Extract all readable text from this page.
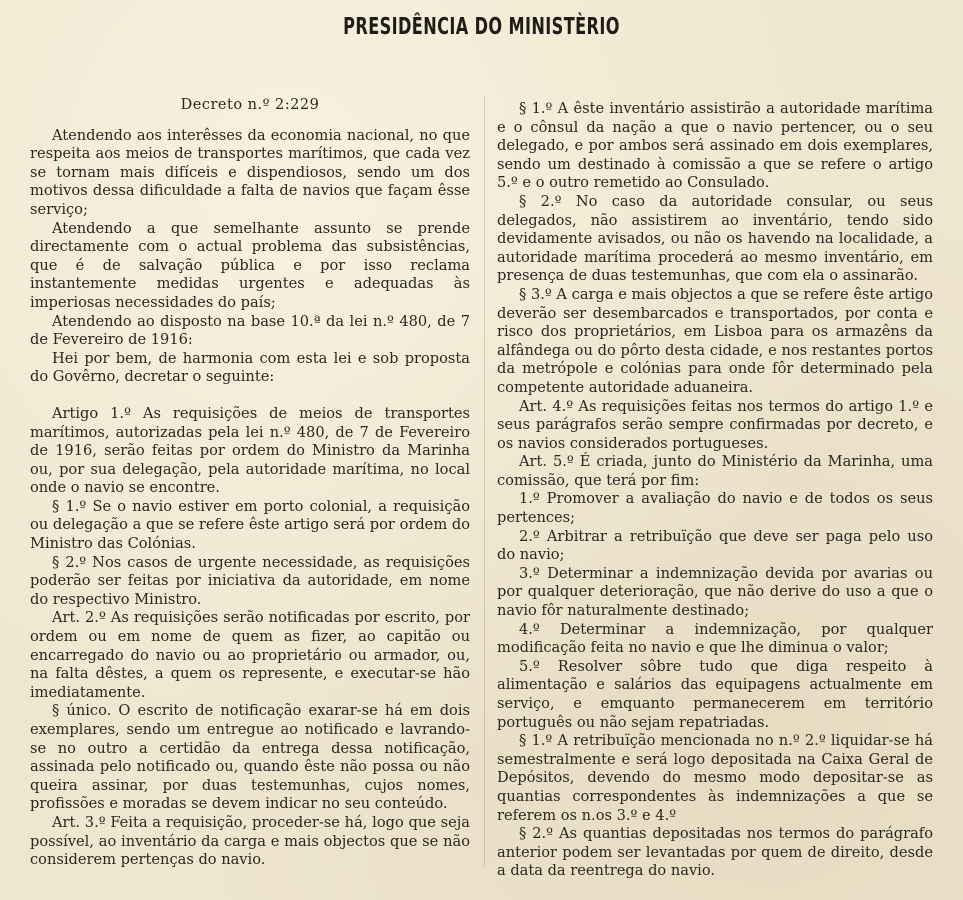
PRESIDÊNCIA DO MINISTÈRIO
Decreto n.º 2:229

Atendendo aos interêsses da economia nacional, no que respeita aos meios de transportes marítimos, que cada vez se tornam mais difíceis e dispendiosos, sendo um dos motivos dessa dificuldade a falta de navios que façam êsse serviço;

Atendendo a que semelhante assunto se prende directamente com o actual problema das subsistências, que é de salvação pública e por isso reclama instantemente medidas urgentes e adequadas às imperiosas necessidades do país;

Atendendo ao disposto na base 10.ª da lei n.º 480, de 7 de Fevereiro de 1916:

Hei por bem, de harmonia com esta lei e sob proposta do Govêrno, decretar o seguinte:

Artigo 1.º As requisições de meios de transportes marítimos, autorizadas pela lei n.º 480, de 7 de Fevereiro de 1916, serão feitas por ordem do Ministro da Marinha ou, por sua delegação, pela autoridade marítima, no local onde o navio se encontre.

§ 1.º Se o navio estiver em porto colonial, a requisição ou delegação a que se refere êste artigo será por ordem do Ministro das Colónias.

§ 2.º Nos casos de urgente necessidade, as requisições poderão ser feitas por iniciativa da autoridade, em nome do respectivo Ministro.

Art. 2.º As requisições serão notificadas por escrito, por ordem ou em nome de quem as fizer, ao capitão ou encarregado do navio ou ao proprietário ou armador, ou, na falta dêstes, a quem os represente, e executar-se hão imediatamente.

§ único. O escrito de notificação exarar-se há em dois exemplares, sendo um entregue ao notificado e lavrando-se no outro a certidão da entrega dessa notificação, assinada pelo notificado ou, quando êste não possa ou não queira assinar, por duas testemunhas, cujos nomes, profissões e moradas se devem indicar no seu conteúdo.

Art. 3.º Feita a requisição, proceder-se há, logo que seja possível, ao inventário da carga e mais objectos que se não considerem pertenças do navio.

§ 1.º A êste inventário assistirão a autoridade marítima e o cônsul da nação a que o navio pertencer, ou o seu delegado, e por ambos será assinado em dois exemplares, sendo um destinado à comissão a que se refere o artigo 5.º e o outro remetido ao Consulado.

§ 2.º No caso da autoridade consular, ou seus delegados, não assistirem ao inventário, tendo sido devidamente avisados, ou não os havendo na localidade, a autoridade marítima procederá ao mesmo inventário, em presença de duas testemunhas, que com ela o assinarão.

§ 3.º A carga e mais objectos a que se refere êste artigo deverão ser desembarcados e transportados, por conta e risco dos proprietários, em Lisboa para os armazêns da alfândega ou do pôrto desta cidade, e nos restantes portos da metrópole e colónias para onde fôr determinado pela competente autoridade aduaneira.

Art. 4.º As requisições feitas nos termos do artigo 1.º e seus parágrafos serão sempre confirmadas por decreto, e os navios considerados portugueses.

Art. 5.º É criada, junto do Ministério da Marinha, uma comissão, que terá por fim:

1.º Promover a avaliação do navio e de todos os seus pertences;

2.º Arbitrar a retribuïção que deve ser paga pelo uso do navio;

3.º Determinar a indemnização devida por avarias ou por qualquer deterioração, que não derive do uso a que o navio fôr naturalmente destinado;

4.º Determinar a indemnização, por qualquer modificação feita no navio e que lhe diminua o valor;

5.º Resolver sôbre tudo que diga respeito à alimentação e salários das equipagens actualmente em serviço, e emquanto permanecerem em território português ou não sejam repatriadas.

§ 1.º A retribuïção mencionada no n.º 2.º liquidar-se há semestralmente e será logo depositada na Caixa Geral de Depósitos, devendo do mesmo modo depositar-se as quantias correspondentes às indemnizações a que se referem os n.os 3.º e 4.º

§ 2.º As quantias depositadas nos termos do parágrafo anterior podem ser levantadas por quem de direito, desde a data da reentrega do navio.
